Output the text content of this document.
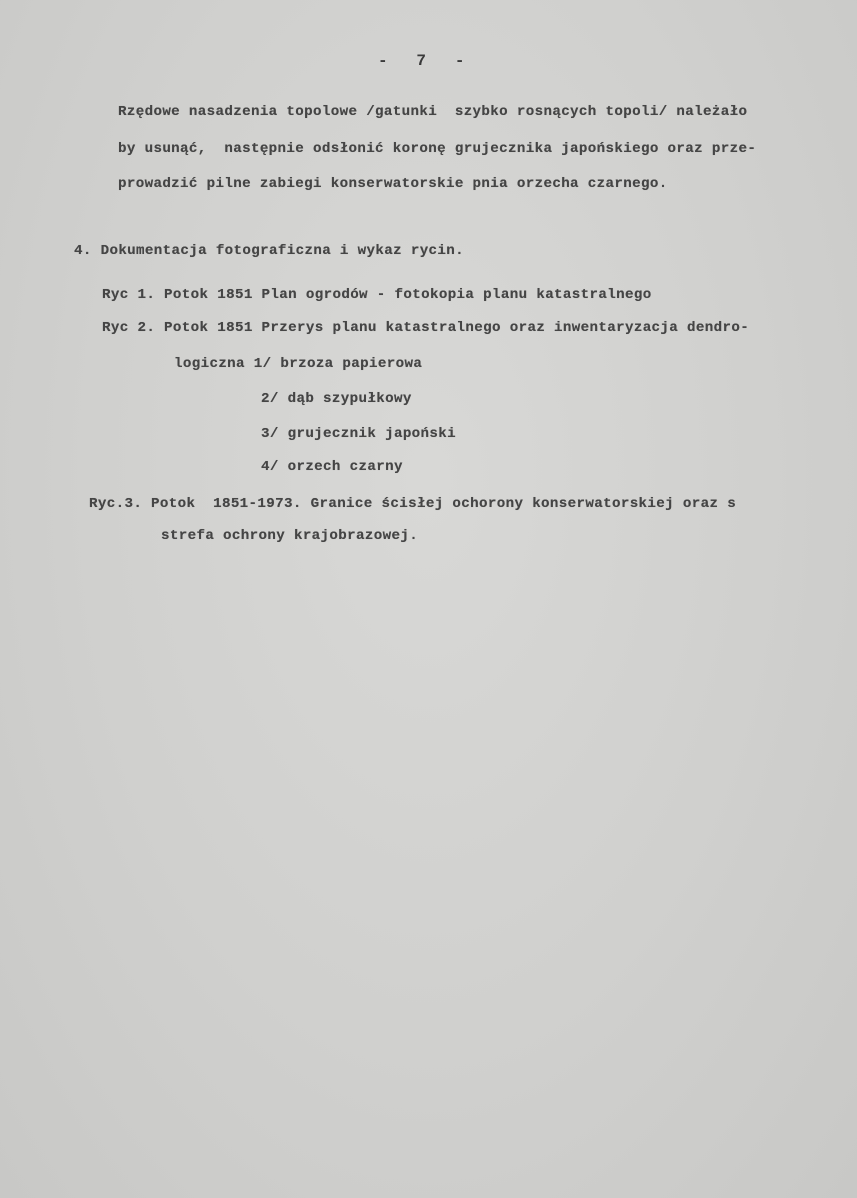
-   7   -
Rzędowe nasadzenia topolowe /gatunki  szybko rosnących topoli/ należało
by usunąć,  następnie odsłonić koronę grujecznika japońskiego oraz prze-
prowadzić pilne zabiegi konserwatorskie pnia orzecha czarnego.
4. Dokumentacja fotograficzna i wykaz rycin.
Ryc 1. Potok 1851 Plan ogrodów - fotokopia planu katastralnego
Ryc 2. Potok 1851 Przerys planu katastralnego oraz inwentaryzacja dendro-
logiczna 1/ brzoza papierowa
2/ dąb szypułkowy
3/ grujecznik japoński
4/ orzech czarny
Ryc.3. Potok  1851-1973. Granice ścisłej ochorony konserwatorskiej oraz s
strefa ochrony krajobrazowej.
